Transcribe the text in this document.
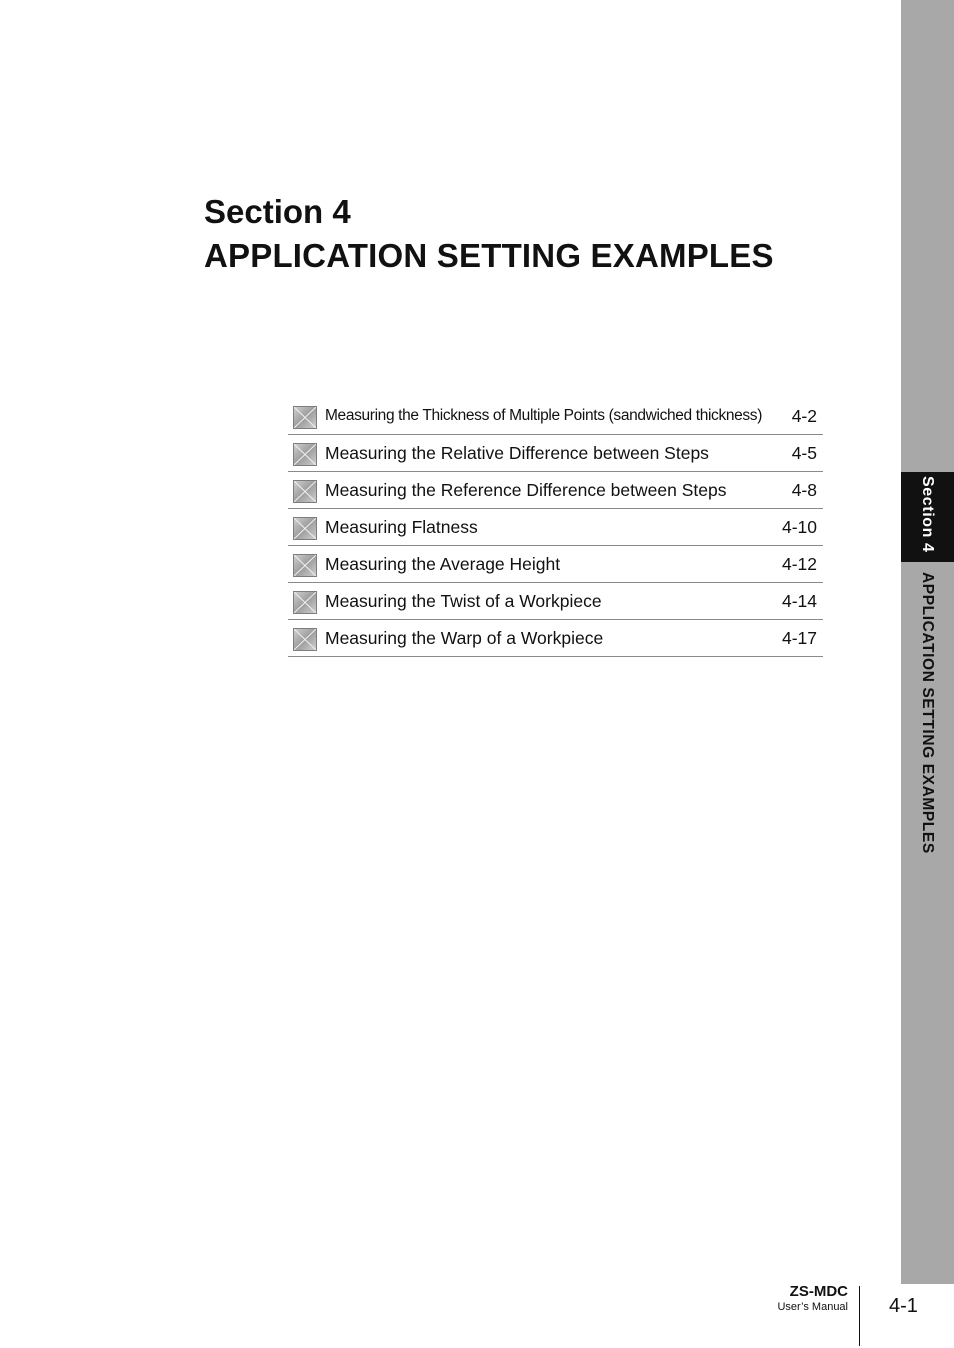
Section 4
APPLICATION SETTING EXAMPLES
Measuring the Thickness of Multiple Points (sandwiched thickness) 4-2
Measuring the Relative Difference between Steps	4-5
Measuring the Reference Difference between Steps	4-8
Measuring Flatness	4-10
Measuring the Average Height	4-12
Measuring the Twist of a Workpiece	4-14
Measuring the Warp of a Workpiece	4-17
Section 4
APPLICATION SETTING EXAMPLES
ZS-MDC
User’s Manual 4-1
